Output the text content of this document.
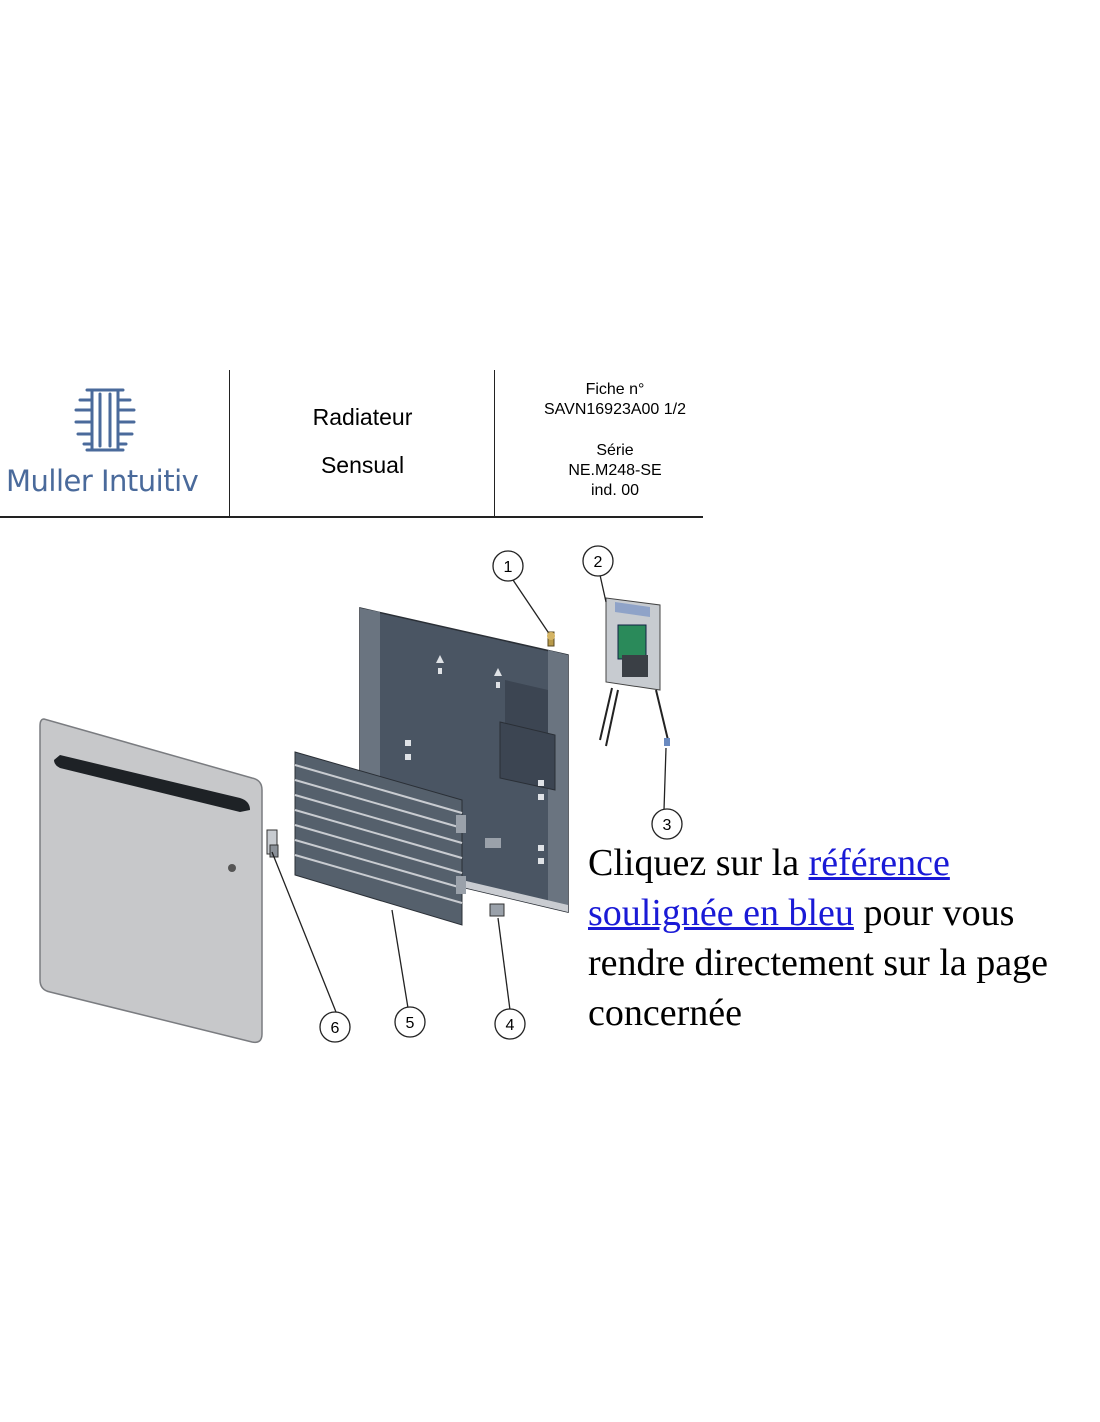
Muller Intuitiv
Radiateur
Sensual
Fiche n°
SAVN16923A00 1/2
Série
NE.M248-SE
ind. 00
1	2
3
4
5
6
Cliquez sur la référence
soulignée en bleu pour vous
rendre directement sur la page
concernée
